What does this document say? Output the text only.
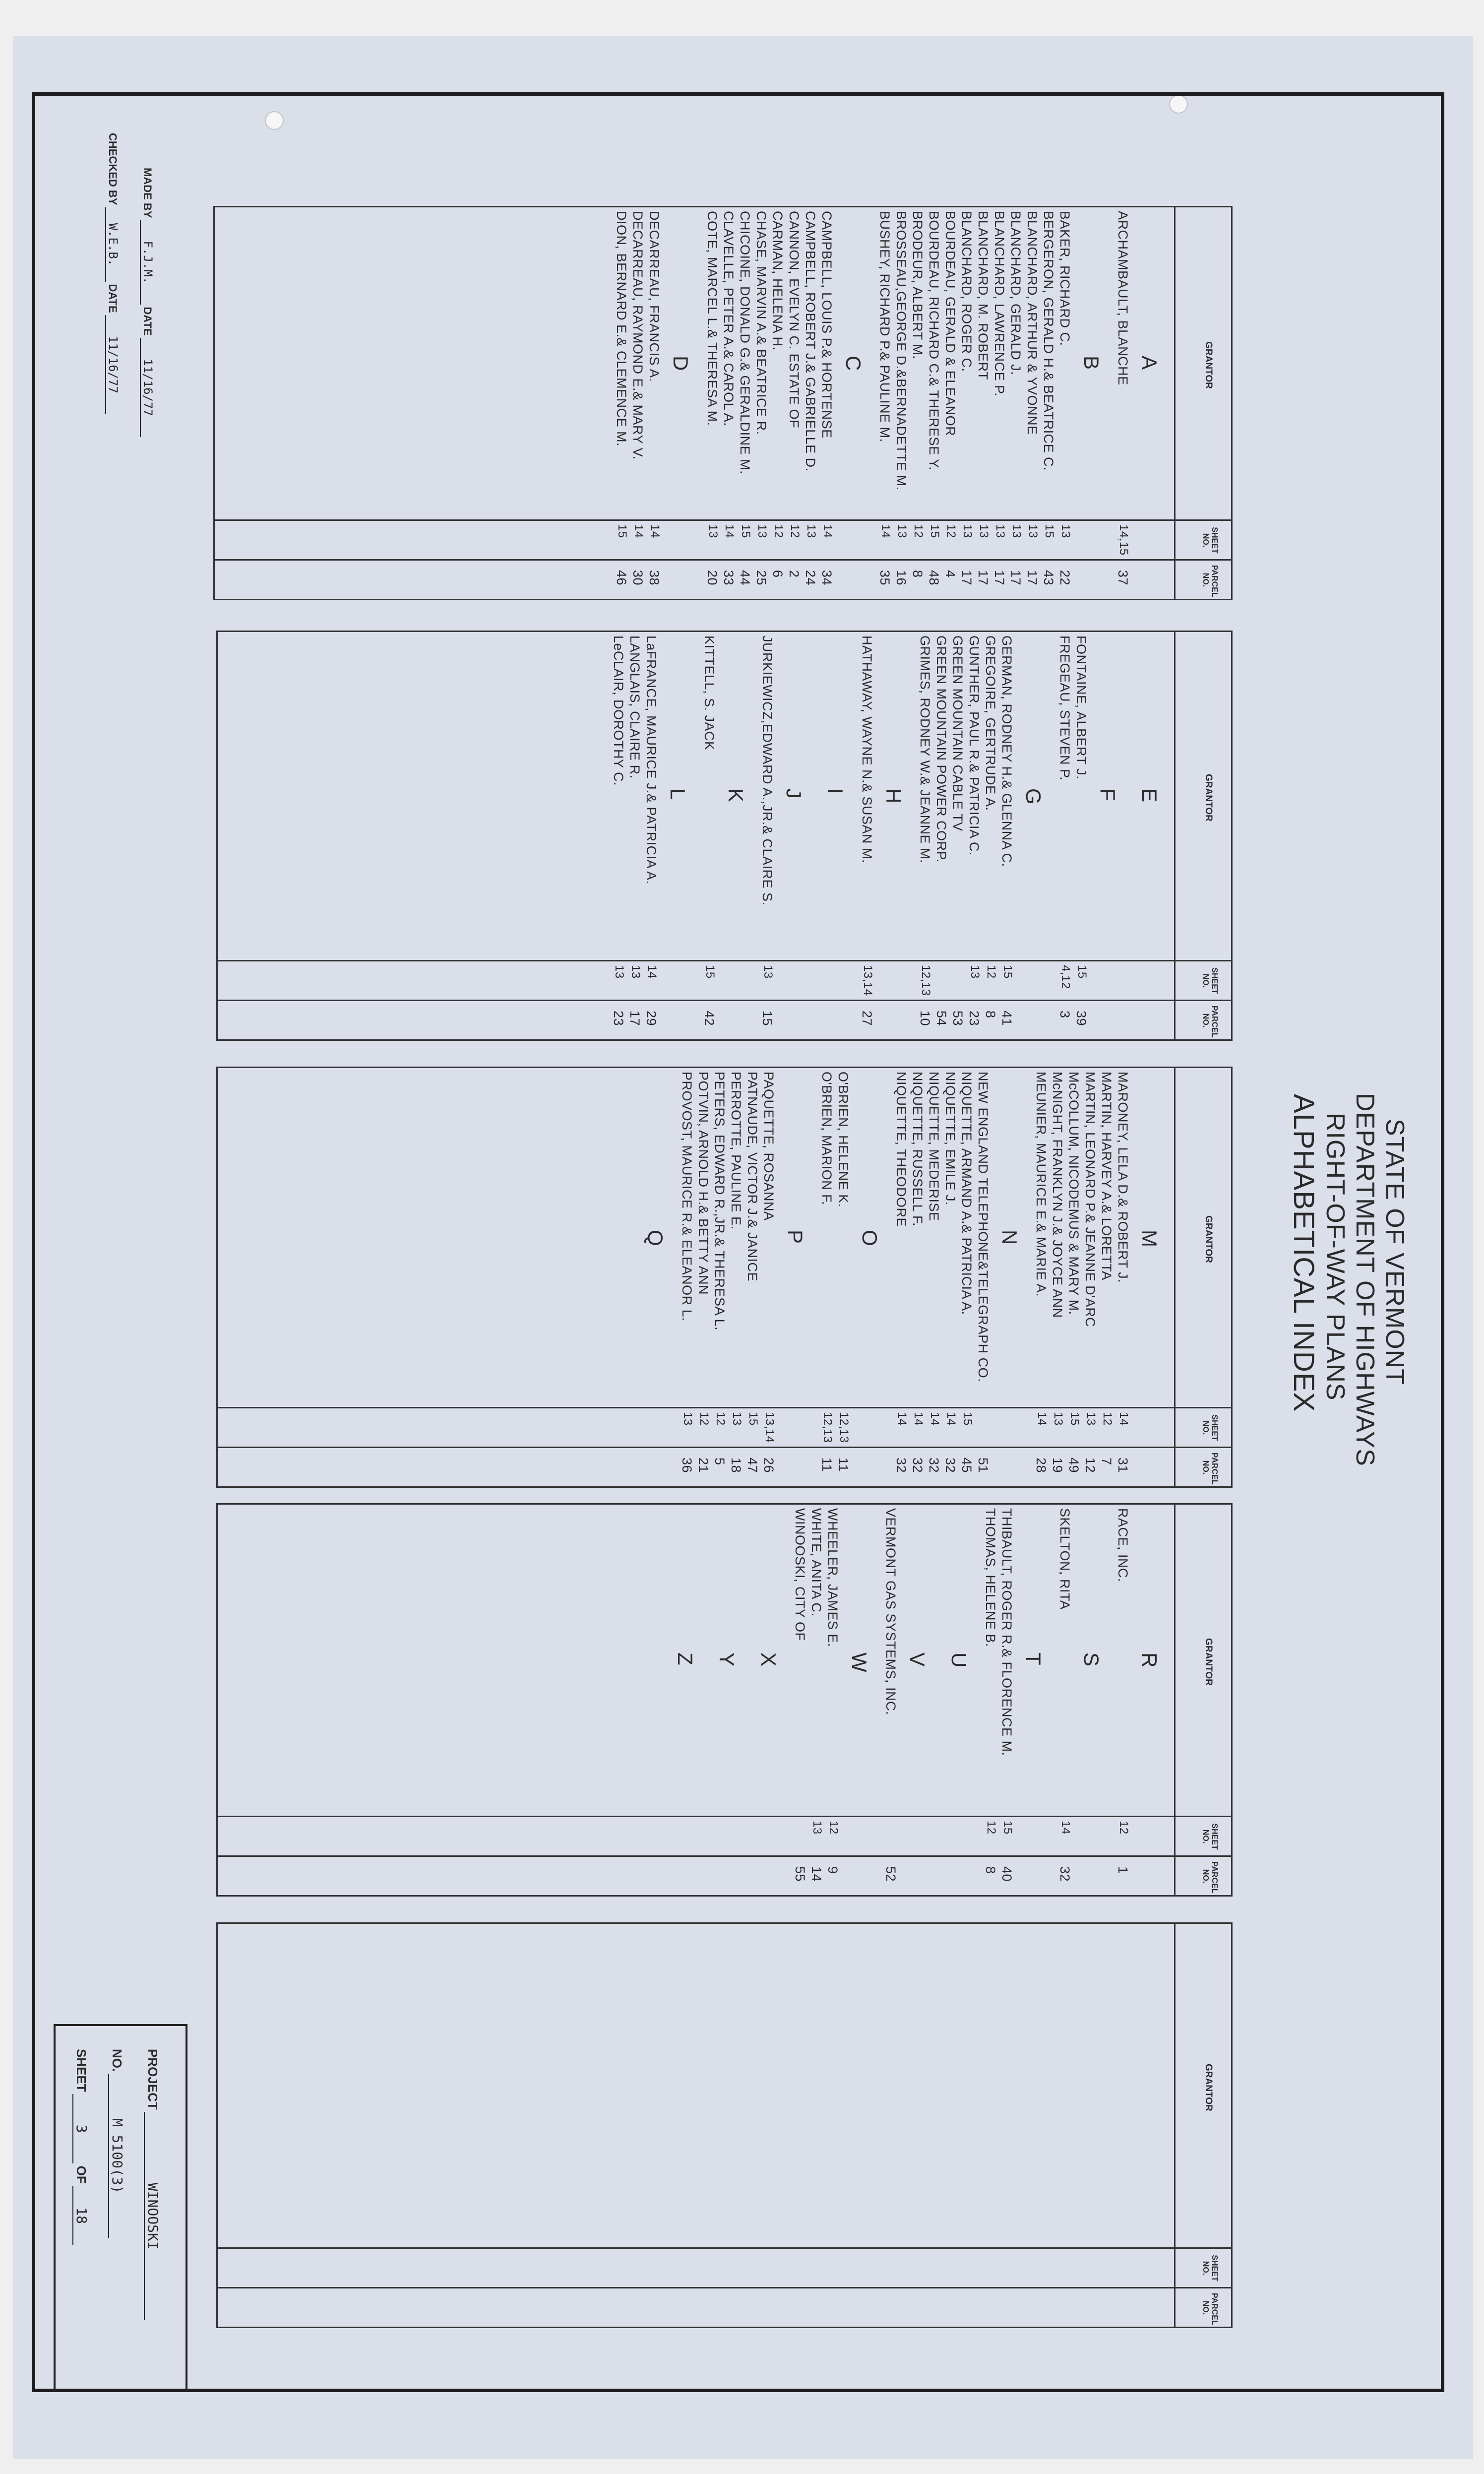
GRANTOR
SHEET NO.
PARCEL NO.
A
ARCHAMBAULT, BLANCHE
14,15
37
B
BAKER, RICHARD C.
13
22
BERGERON, GERALD H.& BEATRICE C.
15
43
BLANCHARD, ARTHUR & YVONNE
13
17
BLANCHARD, GERALD J.
13
17
BLANCHARD, LAWRENCE P.
13
17
BLANCHARD, M. ROBERT
13
17
BLANCHARD, ROGER C.
13
17
BOURDEAU, GERALD & ELEANOR
12
4
BOURDEAU, RICHARD C.& THERESE Y.
15
48
BRODEUR, ALBERT M.
12
8
BROSSEAU,GEORGE D.&BERNADETTE M.
13
16
BUSHEY, RICHARD P.& PAULINE M.
14
35
C
CAMPBELL, LOUIS P.& HORTENSE
14
34
CAMPBELL, ROBERT J.& GABRIELLE D.
13
24
CANNON, EVELYN C. ESTATE OF
12
2
CARMAN, HELENA H.
12
6
CHASE, MARVIN A.& BEATRICE R.
13
25
CHICOINE, DONALD G.& GERALDINE M.
15
44
CLAVELLE, PETER A.& CAROL A.
14
33
COTE, MARCEL L.& THERESA M.
13
20
D
DECARREAU, FRANCIS A.
14
38
DECARREAU, RAYMOND E.& MARY V.
14
30
DION, BERNARD E.& CLEMENCE M.
15
46
GRANTOR
SHEET NO.
PARCEL NO.
E
F
FONTAINE, ALBERT J.
15
39
FREGEAU, STEVEN P.
4,12
3
G
GERMAN, RODNEY H.& GLENNA C.
15
41
GREGOIRE, GERTRUDE A.
12
8
GUNTHER, PAUL R.& PATRICIA C.
13
23
GREEN MOUNTAIN CABLE TV
53
GREEN MOUNTAIN POWER CORP.
54
GRIMES, RODNEY W.& JEANNE M.
12,13
10
H
HATHAWAY, WAYNE N.& SUSAN M.
13,14
27
I
J
JURKIEWICZ,EDWARD A.,JR.& CLAIRE S.
13
15
K
KITTELL, S. JACK
15
42
L
LaFRANCE, MAURICE J.& PATRICIA A.
14
29
LANGLAIS, CLAIRE R.
13
17
LeCLAIR, DOROTHY C.
13
23
GRANTOR
SHEET NO.
PARCEL NO.
M
MARONEY, LELA D.& ROBERT J.
14
31
MARTIN, HARVEY A.& LORETTA
12
7
MARTIN, LEONARD P.& JEANNE D'ARC
13
12
McCOLLUM, NICODEMUS & MARY M.
15
49
McNIGHT, FRANKLYN J.& JOYCE ANN
13
19
MEUNIER, MAURICE E.& MARIE A.
14
28
N
NEW ENGLAND TELEPHONE&TELEGRAPH CO.
51
NIQUETTE, ARMAND A.& PATRICIA A.
15
45
NIQUETTE, EMILE J.
14
32
NIQUETTE, MEDERISE
14
32
NIQUETTE, RUSSELL F.
14
32
NIQUETTE, THEODORE
14
32
O
O'BRIEN, HELENE K.
12,13
11
O'BRIEN, MARION F.
12,13
11
P
PAQUETTE, ROSANNA
13,14
26
PATNAUDE, VICTOR J.& JANICE
15
47
PERROTTE, PAULINE E.
13
18
PETERS, EDWARD R.,JR.& THERESA L.
12
5
POTVIN, ARNOLD H.& BETTY ANN
12
21
PROVOST, MAURICE R.& ELEANOR L.
13
36
Q
GRANTOR
SHEET NO.
PARCEL NO.
R
RACE, INC.
12
1
S
SKELTON, RITA
14
32
T
THIBAULT, ROGER R.& FLORENCE M.
15
40
THOMAS, HELENE B.
12
8
U
V
VERMONT GAS SYSTEMS, INC.
52
W
WHEELER, JAMES E.
12
9
WHITE, ANITA C.
13
14
WINOOSKI, CITY OF
55
X
Y
Z
GRANTOR
SHEET NO.
PARCEL NO.
STATE OF VERMONT
DEPARTMENT OF HIGHWAYS
RIGHT-OF-WAY PLANS
ALPHABETICAL INDEX
MADE BY F.J.M. DATE 11/16/77
CHECKED BY W.E.B. DATE 11/16/77
PROJECT WINOOSKI
NO. M 5100(3)
SHEET 3 OF 18
